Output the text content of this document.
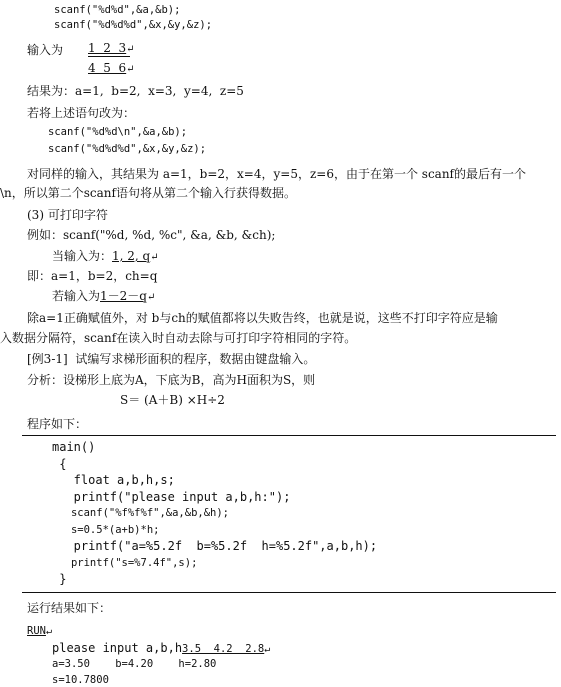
scanf("%d%d",&a,&b);
scanf("%d%d%d",&x,&y,&z);
输入为 1  2  3↵
4  5  6↵
结果为：a=1,  b=2,  x=3,  y=4,  z=5
若将上述语句改为：
scanf("%d%d\n",&a,&b);
scanf("%d%d%d",&x,&y,&z);
对同样的输入，其结果为 a=1，b=2，x=4，y=5，z=6，由于在第一个 scanf的最后有一个
\n，所以第二个scanf语句将从第二个输入行获得数据。
(3) 可打印字符
例如：scanf("%d, %d, %c", &a, &b, &ch);
当输入为：1, 2, q↵
即：a=1，b=2，ch=q
若输入为1－2－q↵
除a=1正确赋值外，对 b与ch的赋值都将以失败告终，也就是说，这些不打印字符应是输
入数据分隔符，scanf在读入时自动去除与可打印字符相同的字符。
[例3-1]  试编写求梯形面积的程序，数据由键盘输入。
分析：设梯形上底为A，下底为B，高为H面积为S，则
S＝ (A＋B) ×H÷2
程序如下：
main()
{
float a,b,h,s;
printf("please input a,b,h:");
scanf("%f%f%f",&a,&b,&h);
s=0.5*(a+b)*h;
printf("a=%5.2f  b=%5.2f  h=%5.2f",a,b,h);
printf("s=%7.4f",s);
}
运行结果如下：
RUN↵
please input a,b,h3.5  4.2  2.8↵
a=3.50    b=4.20    h=2.80
s=10.7800
